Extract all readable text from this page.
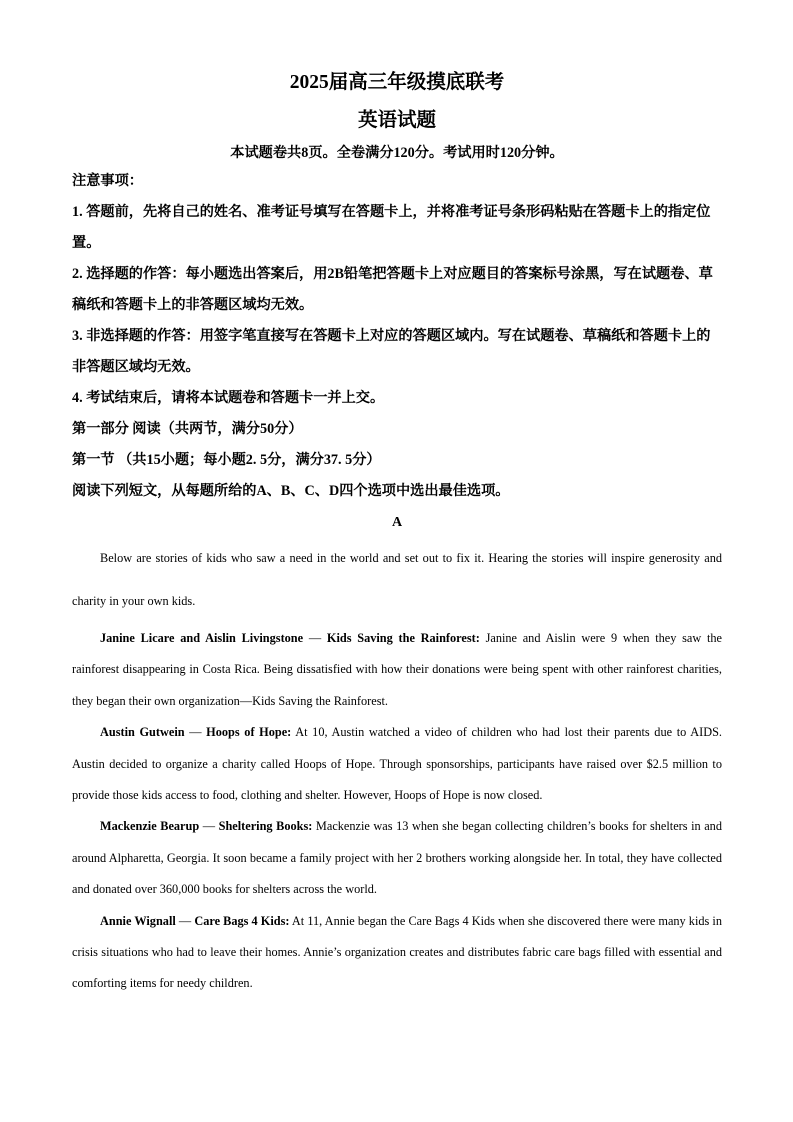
2025届高三年级摸底联考
英语试题

本试题卷共8页。全卷满分120分。考试用时120分钟。

注意事项：

1. 答题前，先将自己的姓名、准考证号填写在答题卡上，并将准考证号条形码粘贴在答题卡上的指定位置。

2. 选择题的作答：每小题选出答案后，用2B铅笔把答题卡上对应题目的答案标号涂黑，写在试题卷、草稿纸和答题卡上的非答题区域均无效。

3. 非选择题的作答：用签字笔直接写在答题卡上对应的答题区域内。写在试题卷、草稿纸和答题卡上的非答题区域均无效。

4. 考试结束后，请将本试题卷和答题卡一并上交。

第一部分 阅读（共两节，满分50分）

第一节 （共15小题；每小题2. 5分，满分37. 5分）

阅读下列短文，从每题所给的A、B、C、D四个选项中选出最佳选项。

A

Below are stories of kids who saw a need in the world and set out to fix it. Hearing the stories will inspire generosity and charity in your own kids.

Janine Licare and Aislin Livingstone — Kids Saving the Rainforest: Janine and Aislin were 9 when they saw the rainforest disappearing in Costa Rica. Being dissatisfied with how their donations were being spent with other rainforest charities, they began their own organization—Kids Saving the Rainforest.

Austin Gutwein — Hoops of Hope: At 10, Austin watched a video of children who had lost their parents due to AIDS. Austin decided to organize a charity called Hoops of Hope. Through sponsorships, participants have raised over $2.5 million to provide those kids access to food, clothing and shelter. However, Hoops of Hope is now closed.

Mackenzie Bearup — Sheltering Books: Mackenzie was 13 when she began collecting children’s books for shelters in and around Alpharetta, Georgia. It soon became a family project with her 2 brothers working alongside her. In total, they have collected and donated over 360,000 books for shelters across the world.

Annie Wignall — Care Bags 4 Kids: At 11, Annie began the Care Bags 4 Kids when she discovered there were many kids in crisis situations who had to leave their homes. Annie’s organization creates and distributes fabric care bags filled with essential and comforting items for needy children.
